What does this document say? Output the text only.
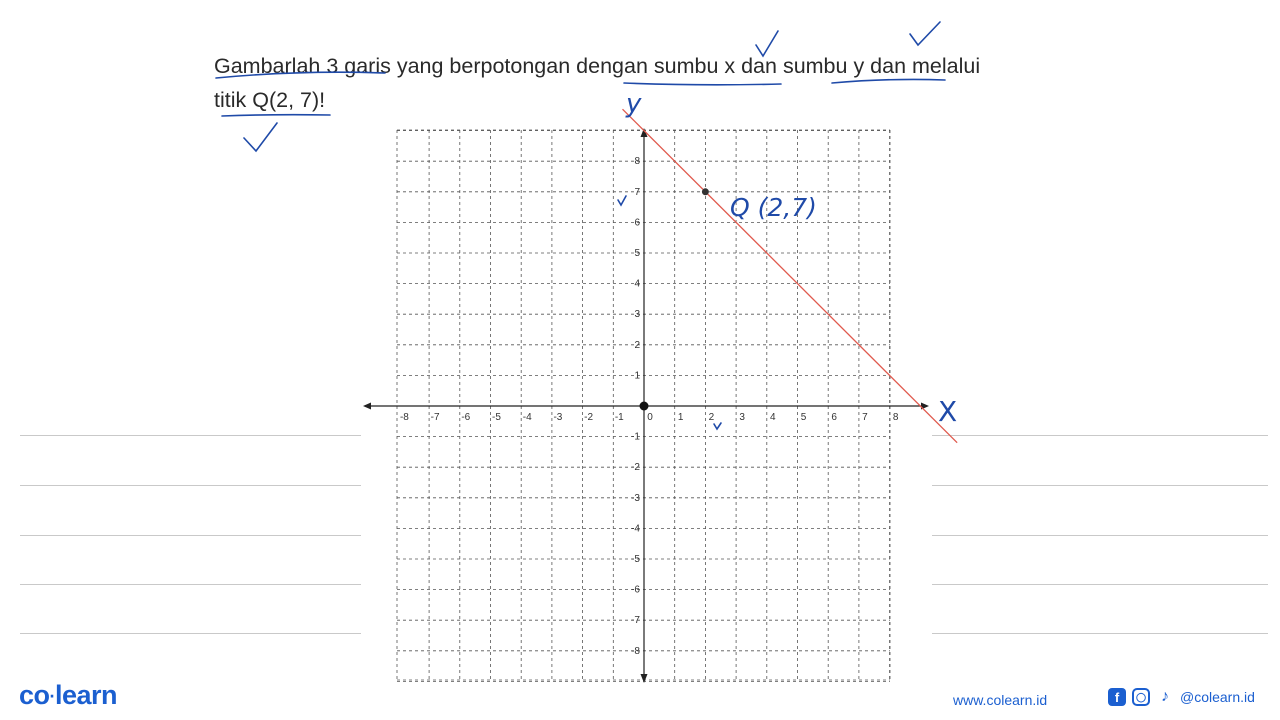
Gambarlah 3 garis yang berpotongan dengan sumbu x dan sumbu y dan melalui
titik Q(2, 7)!
-8 -7 -6 -5 -4 -3 -2 -1 0	1	2	3	4	5	6	7	8
8
7
6
5
4
3
2
1
-1
-2
-3
-4
-5
-6
-7
-8
y
X
Q (2,7)
co·learn	www.colearn.id	f	◯ ♪ @colearn.id
